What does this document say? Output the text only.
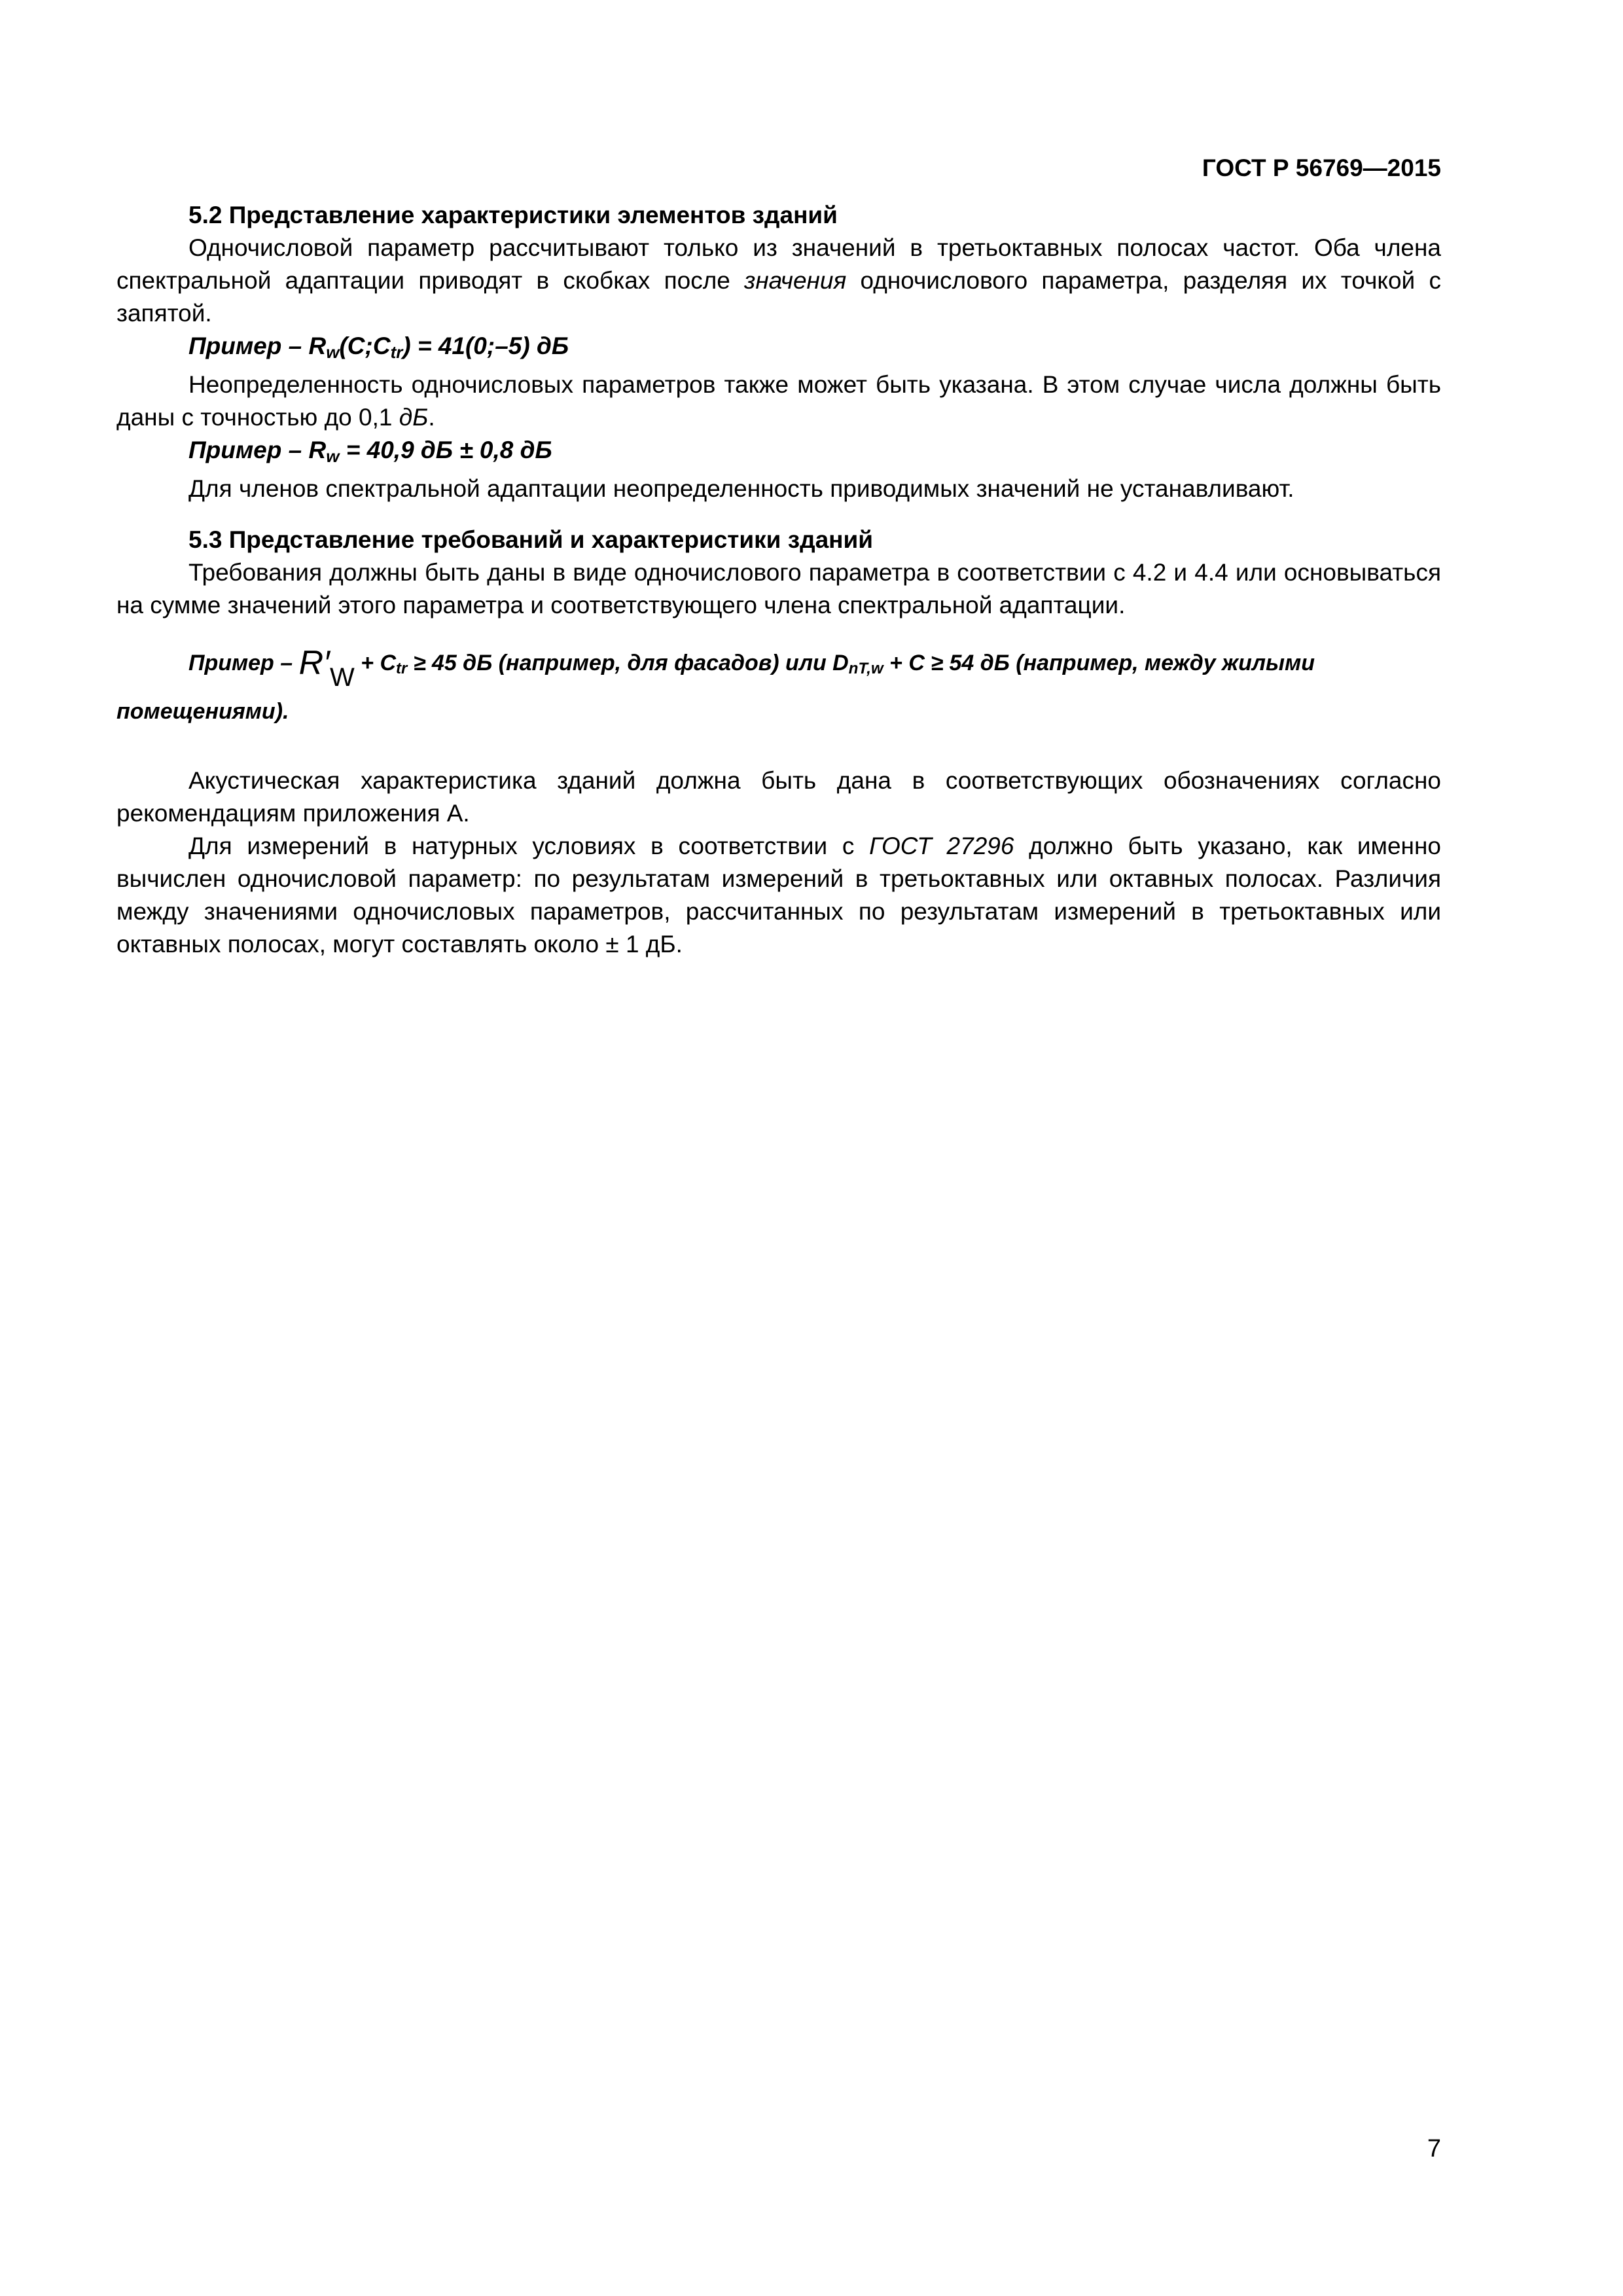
ГОСТ Р 56769—2015
5.2 Представление характеристики элементов зданий

Одночисловой параметр рассчитывают только из значений в третьоктавных полосах частот. Оба члена спектральной адаптации приводят в скобках после значения одночислового параметра, разделяя их точкой с запятой.

Пример – $R_w(C;C_{tr})$ = 41(0;–5) дБ

Неопределенность одночисловых параметров также может быть указана. В этом случае числа должны быть даны с точностью до 0,1 дБ.

Пример – $R_w = 40,9$ дБ ± 0,8 дБ

Для членов спектральной адаптации неопределенность приводимых значений не устанавливают.

5.3 Представление требований и характеристики зданий

Требования должны быть даны в виде одночислового параметра в соответствии с 4.2 и 4.4 или основываться на сумме значений этого параметра и соответствующего члена спектральной адаптации.

Пример – $R'_W$ + Ctr ≥ 45 дБ (например, для фасадов) или DnT,w + C ≥ 54 дБ (например, между жилыми
помещениями).

Акустическая характеристика зданий должна быть дана в соответствующих обозначениях согласно рекомендациям приложения А.

Для измерений в натурных условиях в соответствии с ГОСТ 27296 должно быть указано, как именно вычислен одночисловой параметр: по результатам измерений в третьоктавных или октавных полосах. Различия между значениями одночисловых параметров, рассчитанных по результатам измерений в третьоктавных или октавных полосах, могут составлять около ± 1 дБ.

7
